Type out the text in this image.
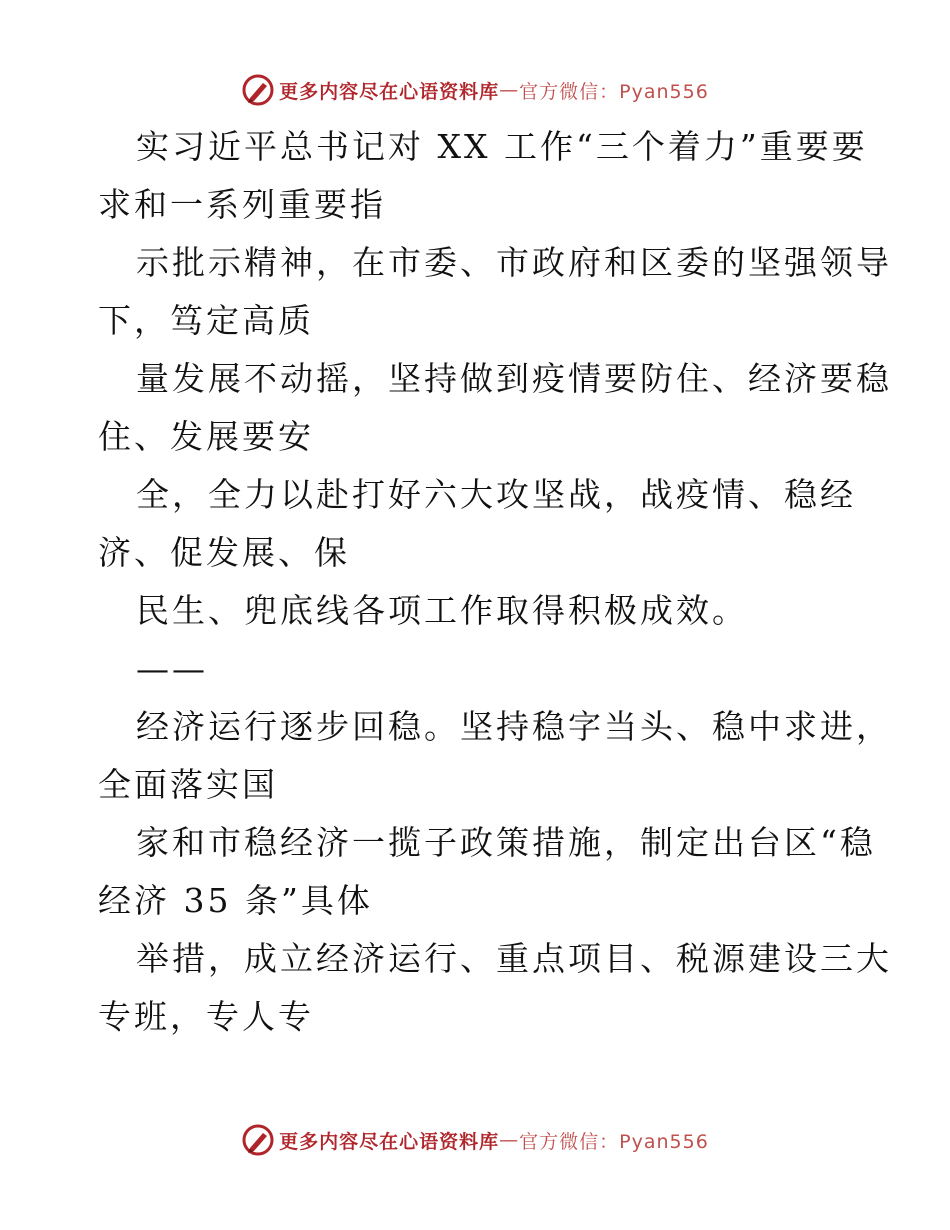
更多内容尽在心语资料库 — 官方微信：Pyan556
实习近平总书记对 XX 工作“三个着力”重要要
求和一系列重要指
示批示精神，在市委、市政府和区委的坚强领导
下，笃定高质
量发展不动摇，坚持做到疫情要防住、经济要稳
住、发展要安
全，全力以赴打好六大攻坚战，战疫情、稳经
济、促发展、保
民生、兜底线各项工作取得积极成效。
——
经济运行逐步回稳。坚持稳字当头、稳中求进，
全面落实国
家和市稳经济一揽子政策措施，制定出台区“稳
经济 35 条”具体
举措，成立经济运行、重点项目、税源建设三大
专班，专人专
更多内容尽在心语资料库 — 官方微信：Pyan556
